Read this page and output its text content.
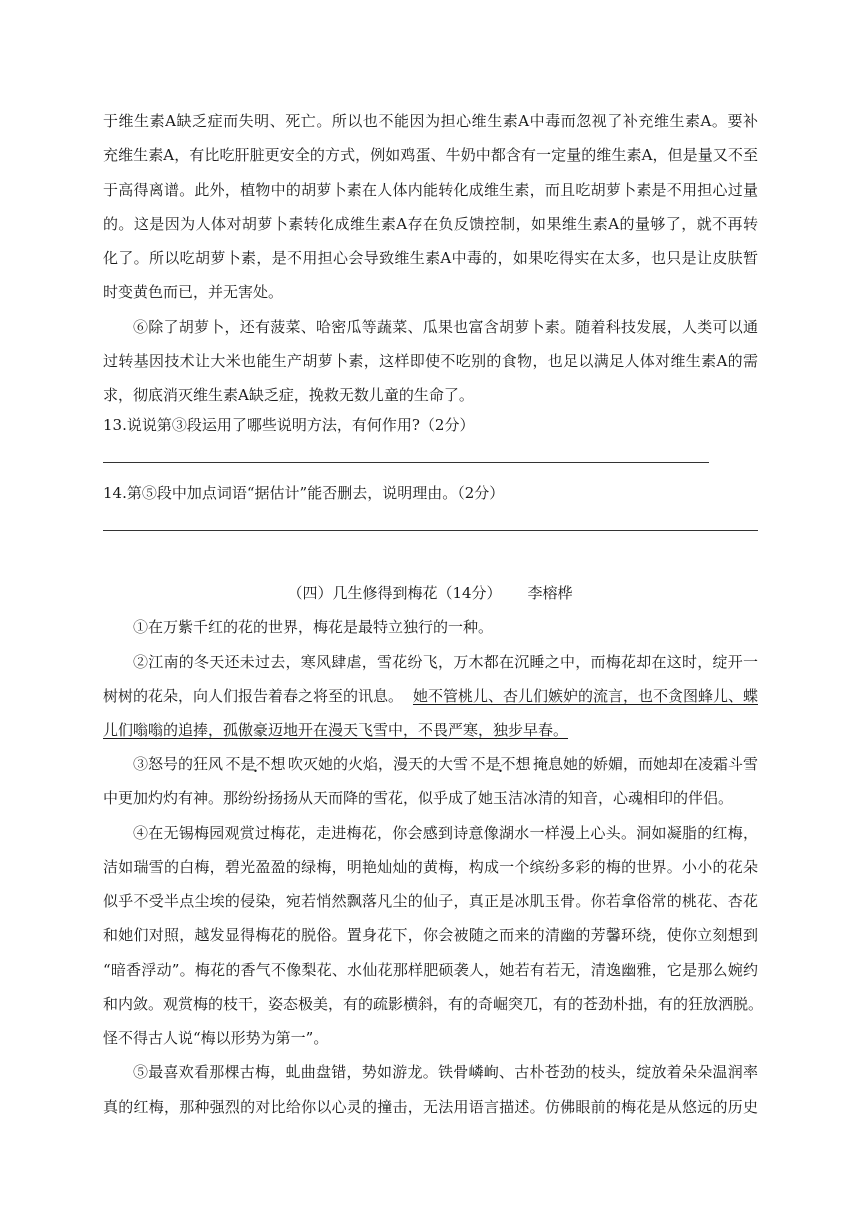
于维生素A缺乏症而失明、死亡。所以也不能因为担心维生素A中毒而忽视了补充维生素A。要补
充维生素A，有比吃肝脏更安全的方式，例如鸡蛋、牛奶中都含有一定量的维生素A，但是量又不至
于高得离谱。此外，植物中的胡萝卜素在人体内能转化成维生素，而且吃胡萝卜素是不用担心过量
的。这是因为人体对胡萝卜素转化成维生素A存在负反馈控制，如果维生素A的量够了，就不再转
化了。所以吃胡萝卜素，是不用担心会导致维生素A中毒的，如果吃得实在太多，也只是让皮肤暂
时变黄色而已，并无害处。
⑥除了胡萝卜，还有菠菜、哈密瓜等蔬菜、瓜果也富含胡萝卜素。随着科技发展，人类可以通
过转基因技术让大米也能生产胡萝卜素，这样即使不吃别的食物，也足以满足人体对维生素A的需
求，彻底消灭维生素A缺乏症，挽救无数儿童的生命了。
13.说说第③段运用了哪些说明方法，有何作用?（2分）
14.第⑤段中加点词语“据估计”能否删去，说明理由。（2分）
（四）几生修得到梅花（14分） 李榕桦
①在万紫千红的花的世界，梅花是最特立独行的一种。
②江南的冬天还未过去，寒风肆虐，雪花纷飞，万木都在沉睡之中，而梅花却在这时，绽开一
树树的花朵，向人们报告着春之将至的讯息。 她不管桃儿、杏儿们嫉妒的流言，也不贪图蜂儿、蝶
儿们嗡嗡的追捧，孤傲豪迈地开在漫天飞雪中，不畏严寒，独步早春。
③怒号的狂风 不是不想 • 吹灭她的火焰，漫天的大雪 不是不想 • 掩息她的娇媚，而她却在凌霜斗雪
中更加灼灼有神。那纷纷扬扬从天而降的雪花，似乎成了她玉洁冰清的知音，心魂相印的伴侣。
④在无锡梅园观赏过梅花，走进梅花，你会感到诗意像湖水一样漫上心头。洞如凝脂的红梅，
洁如瑞雪的白梅，碧光盈盈的绿梅，明艳灿灿的黄梅，构成一个缤纷多彩的梅的世界。小小的花朵
似乎不受半点尘埃的侵染，宛若悄然飘落凡尘的仙子，真正是冰肌玉骨。你若拿俗常的桃花、杏花
和她们对照，越发显得梅花的脱俗。置身花下，你会被随之而来的清幽的芳馨环绕，使你立刻想到
“暗香浮动”。梅花的香气不像梨花、水仙花那样肥硕袭人，她若有若无，清逸幽雅，它是那么婉约
和内敛。观赏梅的枝干，姿态极美，有的疏影横斜，有的奇崛突兀，有的苍劲朴拙，有的狂放洒脱。
怪不得古人说“梅以形势为第一”。
⑤最喜欢看那棵古梅，虬曲盘错，势如游龙。铁骨嶙峋、古朴苍劲的枝头，绽放着朵朵温润率
真的红梅，那种强烈的对比给你以心灵的撞击，无法用语言描述。仿佛眼前的梅花是从悠远的历史
